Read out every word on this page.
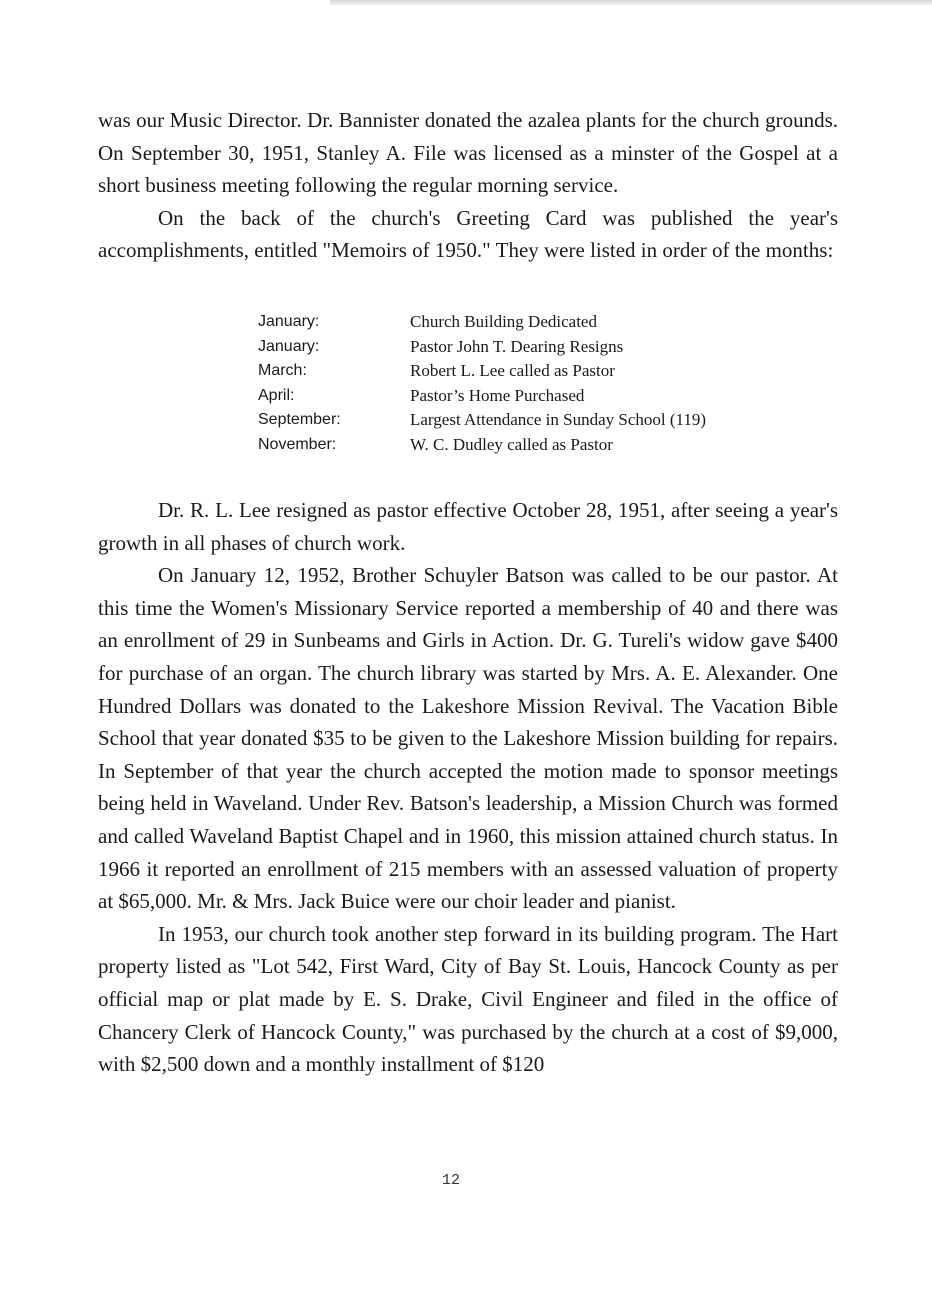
was our Music Director. Dr. Bannister donated the azalea plants for the church grounds. On September 30, 1951, Stanley A. File was licensed as a minster of the Gospel at a short business meeting following the regular morning service.

On the back of the church's Greeting Card was published the year's accomplishments, entitled "Memoirs of 1950." They were listed in order of the months:

January:	Church Building Dedicated
January:	Pastor John T. Dearing Resigns
March:	Robert L. Lee called as Pastor
April:	Pastor’s Home Purchased
September:	Largest Attendance in Sunday School (119)
November:	W. C. Dudley called as Pastor

Dr. R. L. Lee resigned as pastor effective October 28, 1951, after seeing a year's growth in all phases of church work.

On January 12, 1952, Brother Schuyler Batson was called to be our pastor. At this time the Women's Missionary Service reported a membership of 40 and there was an enrollment of 29 in Sunbeams and Girls in Action. Dr. G. Tureli's widow gave $400 for purchase of an organ. The church library was started by Mrs. A. E. Alexander. One Hundred Dollars was donated to the Lakeshore Mission Revival. The Vacation Bible School that year donated $35 to be given to the Lakeshore Mission building for repairs. In September of that year the church accepted the motion made to sponsor meetings being held in Waveland. Under Rev. Batson's leadership, a Mission Church was formed and called Waveland Baptist Chapel and in 1960, this mission attained church status. In 1966 it reported an enrollment of 215 members with an assessed valuation of property at $65,000. Mr. & Mrs. Jack Buice were our choir leader and pianist.

In 1953, our church took another step forward in its building program. The Hart property listed as "Lot 542, First Ward, City of Bay St. Louis, Hancock County as per official map or plat made by E. S. Drake, Civil Engineer and filed in the office of Chancery Clerk of Hancock County," was purchased by the church at a cost of $9,000, with $2,500 down and a monthly installment of $120

12
